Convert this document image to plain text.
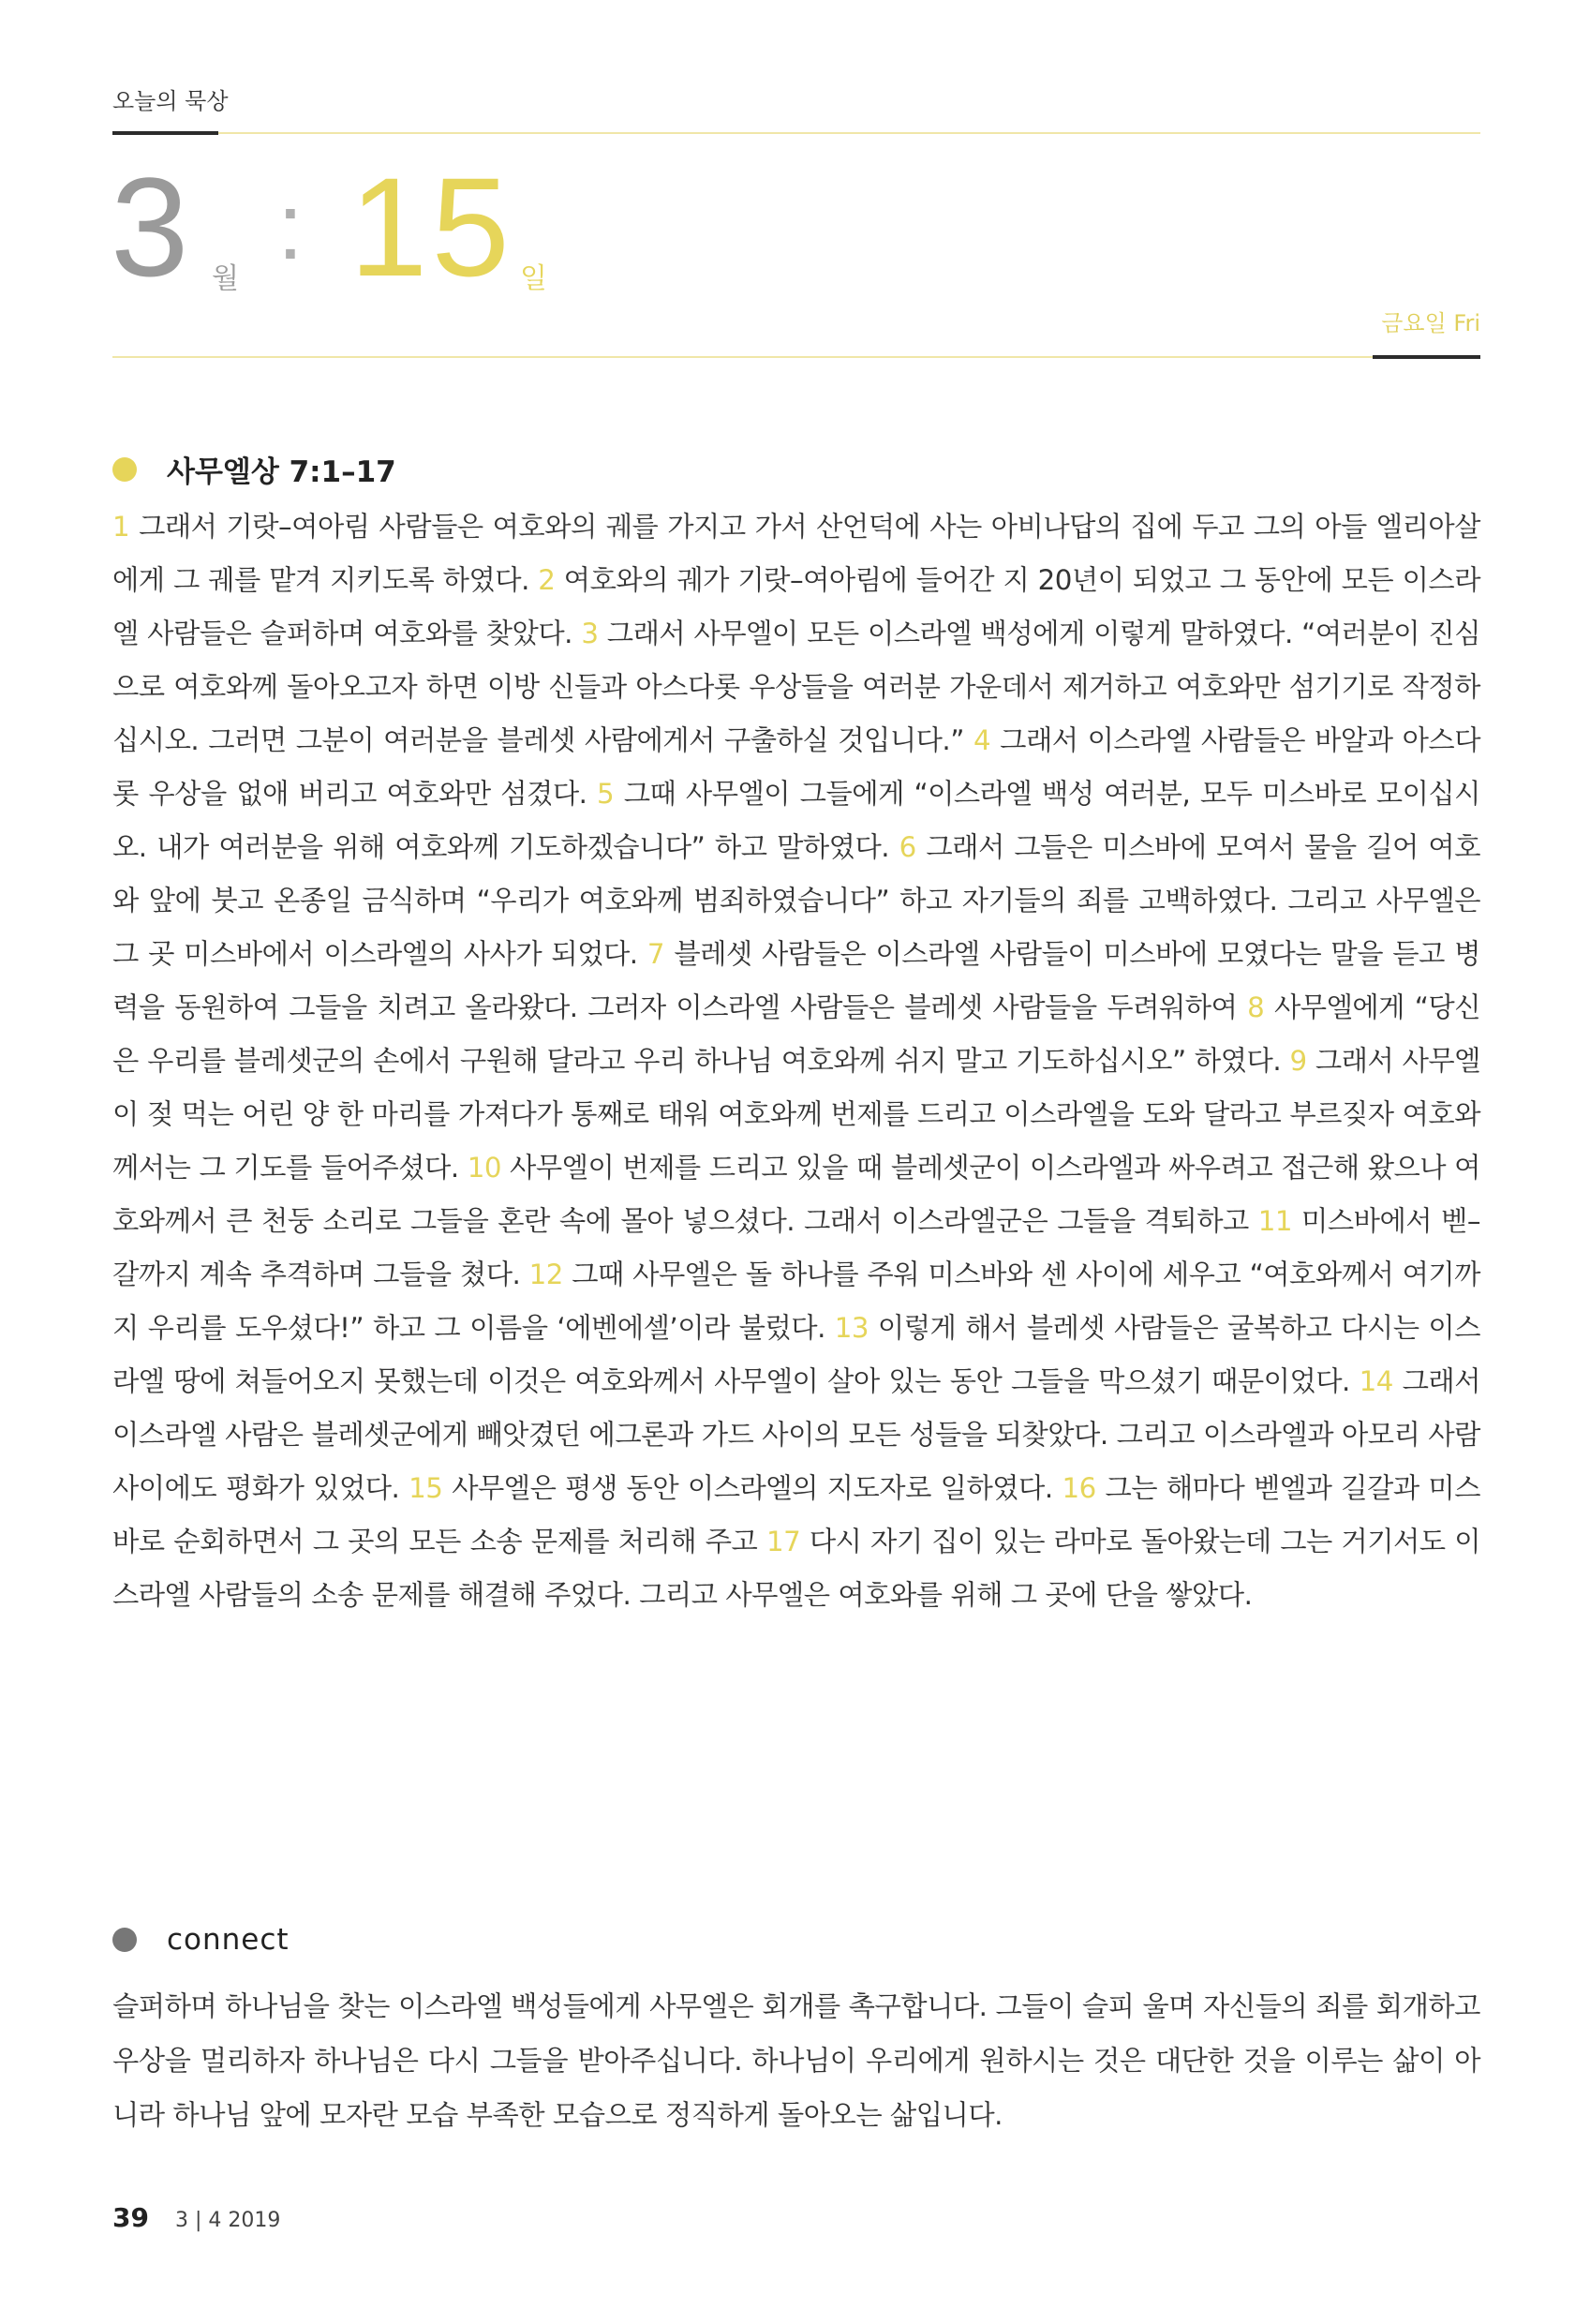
오늘의 묵상
3 월 : 15 일
금요일 Fri
사무엘상 7:1–17
1 그래서 기랏–여아림 사람들은 여호와의 궤를 가지고 가서 산언덕에 사는 아비나답의 집에 두고 그의 아들 엘리아살에게 그 궤를 맡겨 지키도록 하였다. 2 여호와의 궤가 기랏–여아림에 들어간 지 20년이 되었고 그 동안에 모든 이스라엘 사람들은 슬퍼하며 여호와를 찾았다. 3 그래서 사무엘이 모든 이스라엘 백성에게 이렇게 말하였다. “여러분이 진심으로 여호와께 돌아오고자 하면 이방 신들과 아스다롯 우상들을 여러분 가운데서 제거하고 여호와만 섬기기로 작정하십시오. 그러면 그분이 여러분을 블레셋 사람에게서 구출하실 것입니다.” 4 그래서 이스라엘 사람들은 바알과 아스다롯 우상을 없애 버리고 여호와만 섬겼다. 5 그때 사무엘이 그들에게 “이스라엘 백성 여러분, 모두 미스바로 모이십시오. 내가 여러분을 위해 여호와께 기도하겠습니다” 하고 말하였다. 6 그래서 그들은 미스바에 모여서 물을 길어 여호와 앞에 붓고 온종일 금식하며 “우리가 여호와께 범죄하였습니다” 하고 자기들의 죄를 고백하였다. 그리고 사무엘은 그 곳 미스바에서 이스라엘의 사사가 되었다. 7 블레셋 사람들은 이스라엘 사람들이 미스바에 모였다는 말을 듣고 병력을 동원하여 그들을 치려고 올라왔다. 그러자 이스라엘 사람들은 블레셋 사람들을 두려워하여 8 사무엘에게 “당신은 우리를 블레셋군의 손에서 구원해 달라고 우리 하나님 여호와께 쉬지 말고 기도하십시오” 하였다. 9 그래서 사무엘이 젖 먹는 어린 양 한 마리를 가져다가 통째로 태워 여호와께 번제를 드리고 이스라엘을 도와 달라고 부르짖자 여호와께서는 그 기도를 들어주셨다. 10 사무엘이 번제를 드리고 있을 때 블레셋군이 이스라엘과 싸우려고 접근해 왔으나 여호와께서 큰 천둥 소리로 그들을 혼란 속에 몰아 넣으셨다. 그래서 이스라엘군은 그들을 격퇴하고 11 미스바에서 벧–갈까지 계속 추격하며 그들을 쳤다. 12 그때 사무엘은 돌 하나를 주워 미스바와 센 사이에 세우고 “여호와께서 여기까지 우리를 도우셨다!” 하고 그 이름을 ‘에벤에셀’이라 불렀다. 13 이렇게 해서 블레셋 사람들은 굴복하고 다시는 이스라엘 땅에 쳐들어오지 못했는데 이것은 여호와께서 사무엘이 살아 있는 동안 그들을 막으셨기 때문이었다. 14 그래서 이스라엘 사람은 블레셋군에게 빼앗겼던 에그론과 가드 사이의 모든 성들을 되찾았다. 그리고 이스라엘과 아모리 사람 사이에도 평화가 있었다. 15 사무엘은 평생 동안 이스라엘의 지도자로 일하였다. 16 그는 해마다 벧엘과 길갈과 미스바로 순회하면서 그 곳의 모든 소송 문제를 처리해 주고 17 다시 자기 집이 있는 라마로 돌아왔는데 그는 거기서도 이스라엘 사람들의 소송 문제를 해결해 주었다. 그리고 사무엘은 여호와를 위해 그 곳에 단을 쌓았다.
connect
슬퍼하며 하나님을 찾는 이스라엘 백성들에게 사무엘은 회개를 촉구합니다. 그들이 슬피 울며 자신들의 죄를 회개하고 우상을 멀리하자 하나님은 다시 그들을 받아주십니다. 하나님이 우리에게 원하시는 것은 대단한 것을 이루는 삶이 아니라 하나님 앞에 모자란 모습 부족한 모습으로 정직하게 돌아오는 삶입니다.
39 3 | 4 2019
